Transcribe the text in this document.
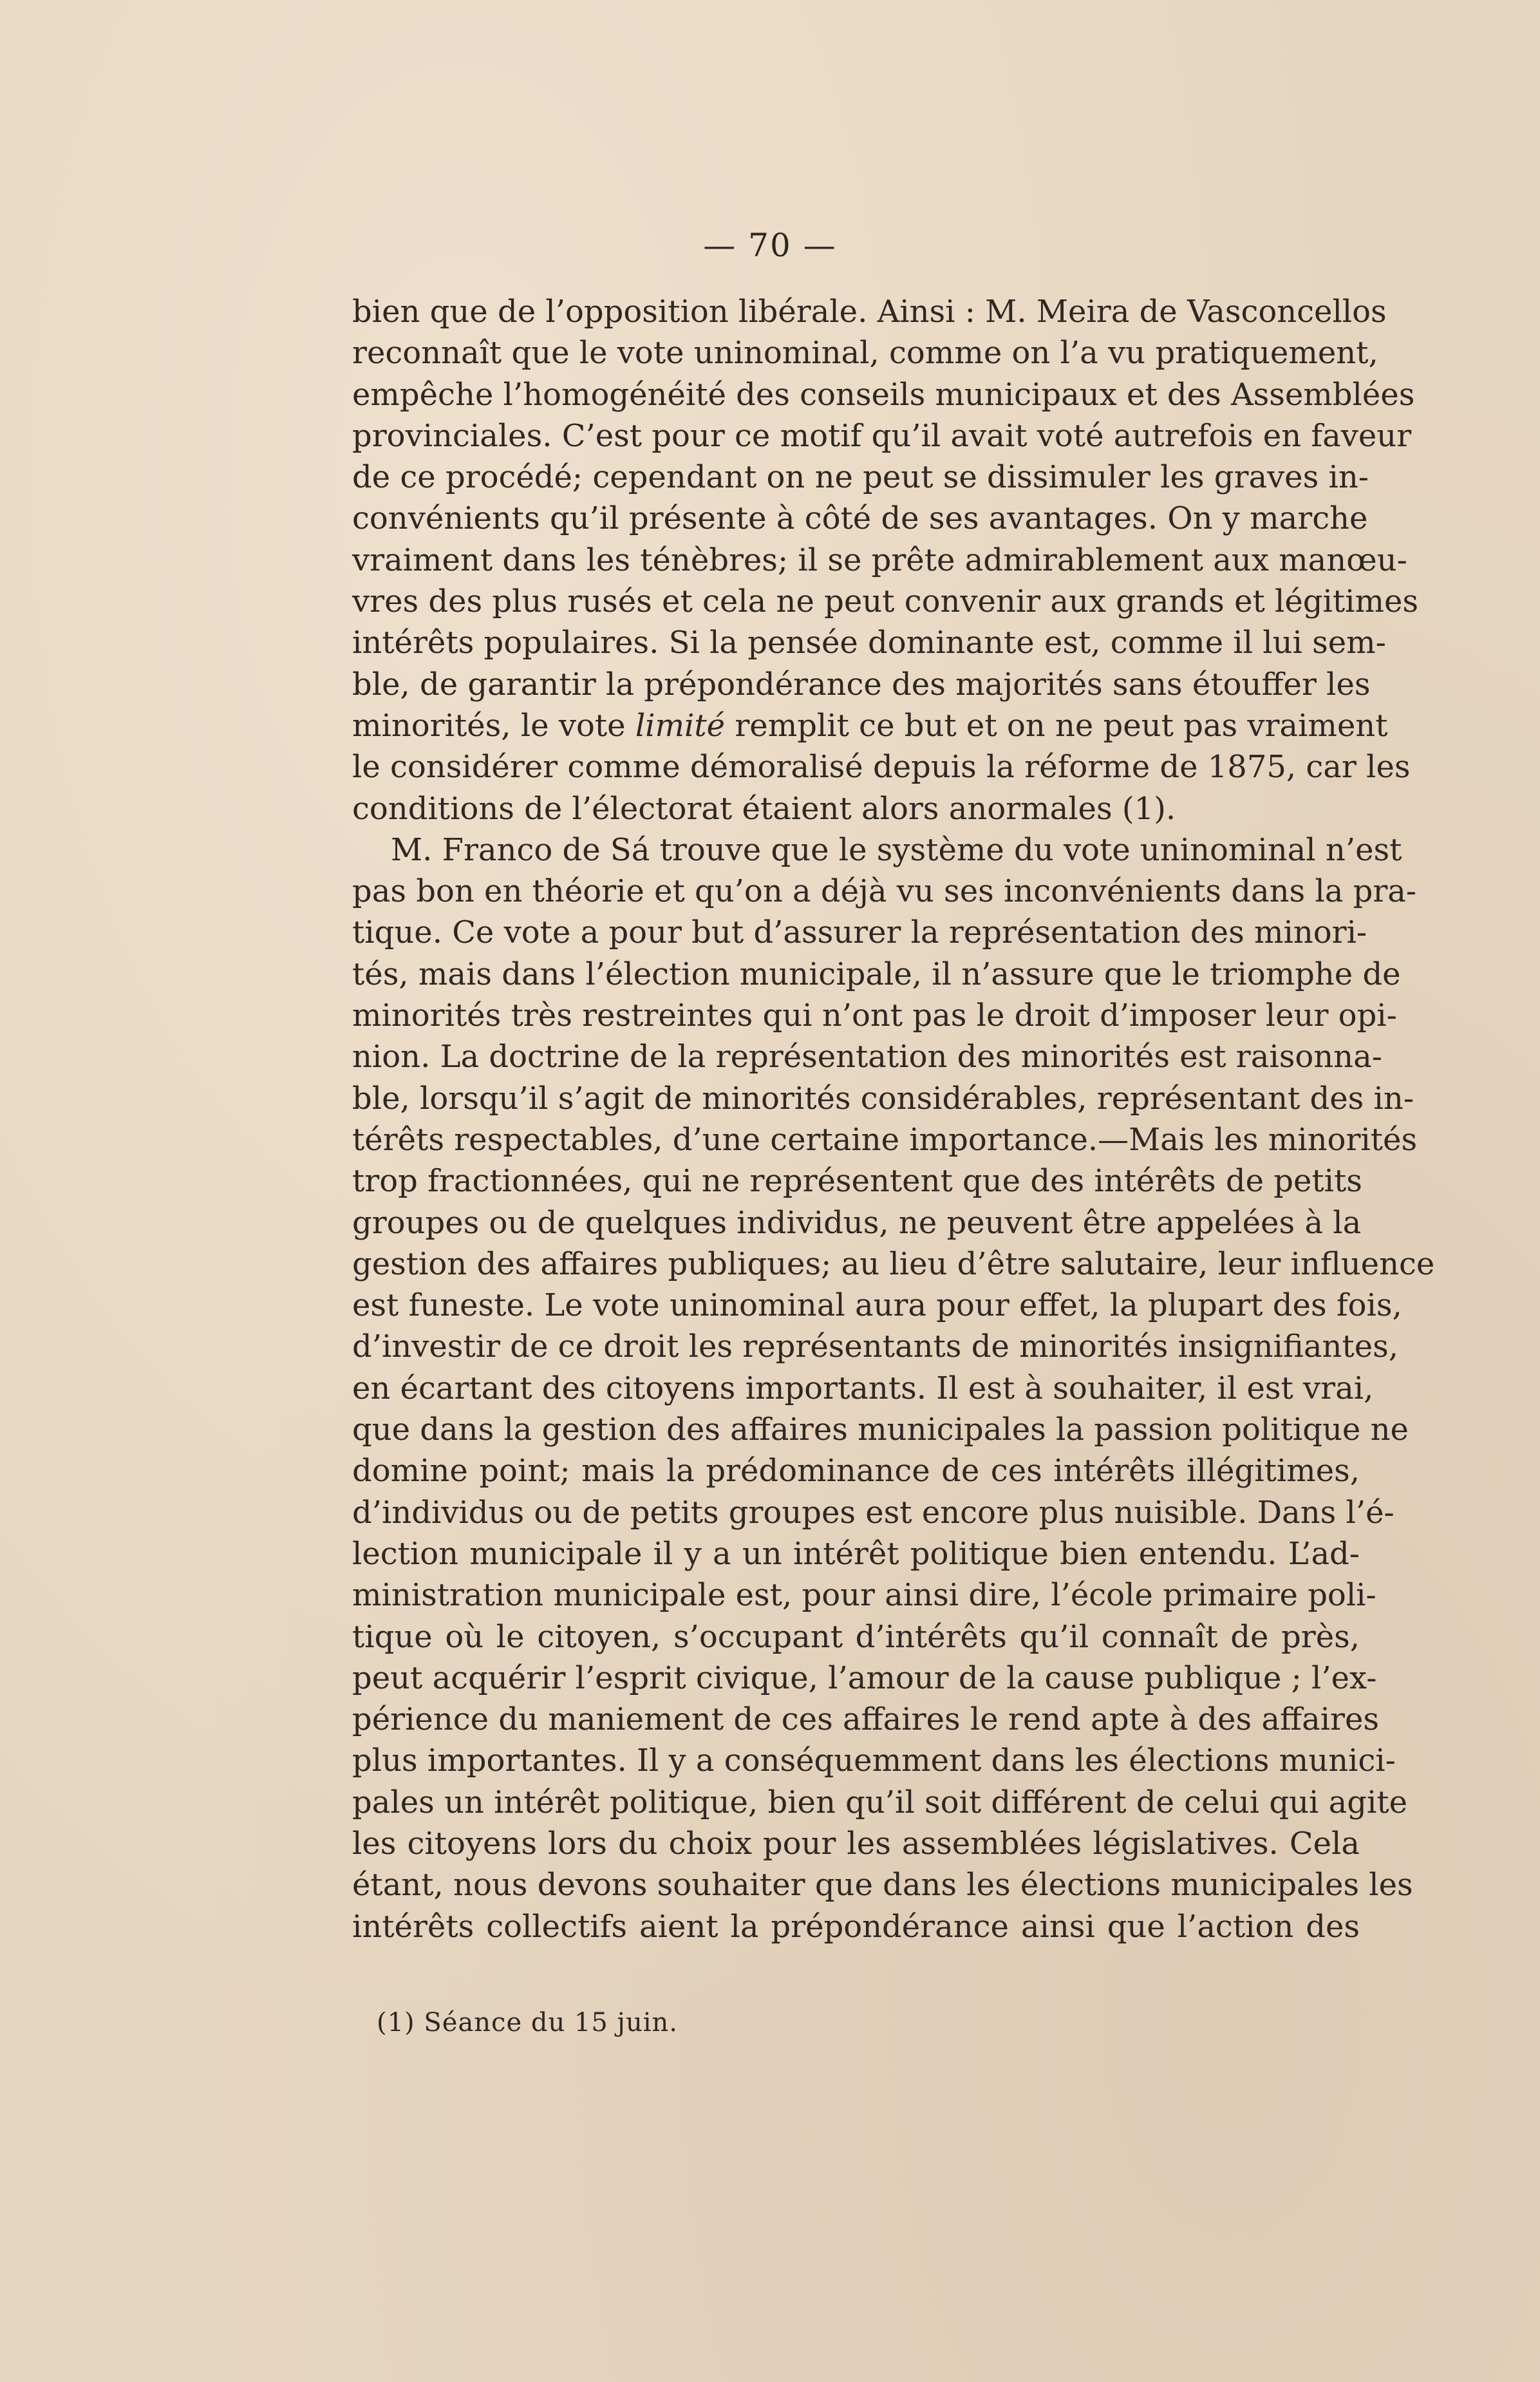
— 70 —
bien que de l’opposition libérale. Ainsi : M. Meira de Vasconcellos
reconnaît que le vote uninominal, comme on l’a vu pratiquement,
empêche l’homogénéité des conseils municipaux et des Assemblées
provinciales. C’est pour ce motif qu’il avait voté autrefois en faveur
de ce procédé; cependant on ne peut se dissimuler les graves in-
convénients qu’il présente à côté de ses avantages. On y marche
vraiment dans les ténèbres; il se prête admirablement aux manœu-
vres des plus rusés et cela ne peut convenir aux grands et légitimes
intérêts populaires. Si la pensée dominante est, comme il lui sem-
ble, de garantir la prépondérance des majorités sans étouffer les
minorités, le vote limité remplit ce but et on ne peut pas vraiment
le considérer comme démoralisé depuis la réforme de 1875, car les
conditions de l’électorat étaient alors anormales (1).
M. Franco de Sá trouve que le système du vote uninominal n’est
pas bon en théorie et qu’on a déjà vu ses inconvénients dans la pra-
tique. Ce vote a pour but d’assurer la représentation des minori-
tés, mais dans l’élection municipale, il n’assure que le triomphe de
minorités très restreintes qui n’ont pas le droit d’imposer leur opi-
nion. La doctrine de la représentation des minorités est raisonna-
ble, lorsqu’il s’agit de minorités considérables, représentant des in-
térêts respectables, d’une certaine importance.—Mais les minorités
trop fractionnées, qui ne représentent que des intérêts de petits
groupes ou de quelques individus, ne peuvent être appelées à la
gestion des affaires publiques; au lieu d’être salutaire, leur influence
est funeste. Le vote uninominal aura pour effet, la plupart des fois,
d’investir de ce droit les représentants de minorités insignifiantes,
en écartant des citoyens importants. Il est à souhaiter, il est vrai,
que dans la gestion des affaires municipales la passion politique ne
domine point; mais la prédominance de ces intérêts illégitimes,
d’individus ou de petits groupes est encore plus nuisible. Dans l’é-
lection municipale il y a un intérêt politique bien entendu. L’ad-
ministration municipale est, pour ainsi dire, l’école primaire poli-
tique où le citoyen, s’occupant d’intérêts qu’il connaît de près,
peut acquérir l’esprit civique, l’amour de la cause publique ; l’ex-
périence du maniement de ces affaires le rend apte à des affaires
plus importantes. Il y a conséquemment dans les élections munici-
pales un intérêt politique, bien qu’il soit différent de celui qui agite
les citoyens lors du choix pour les assemblées législatives. Cela
étant, nous devons souhaiter que dans les élections municipales les
intérêts collectifs aient la prépondérance ainsi que l’action des
(1) Séance du 15 juin.
